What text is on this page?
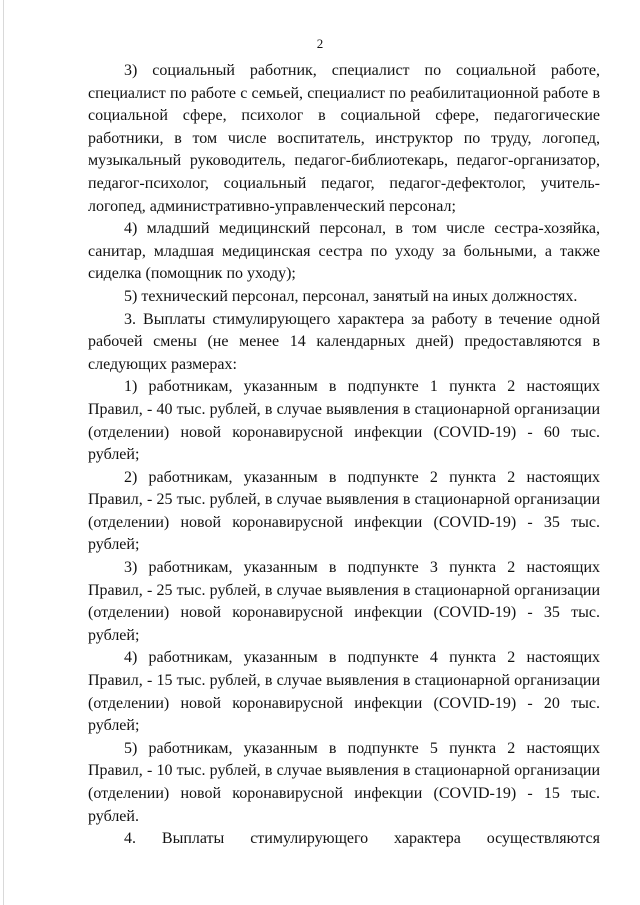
2

3) социальный работник, специалист по социальной работе, специалист по работе с семьей, специалист по реабилитационной работе в социальной сфере, психолог в социальной сфере, педагогические работники, в том числе воспитатель, инструктор по труду, логопед, музыкальный руководитель, педагог-библиотекарь, педагог-организатор, педагог-психолог, социальный педагог, педагог-дефектолог, учитель-логопед, административно-управленческий персонал;

4) младший медицинский персонал, в том числе сестра-хозяйка, санитар, младшая медицинская сестра по уходу за больными, а также сиделка (помощник по уходу);

5) технический персонал, персонал, занятый на иных должностях.

3. Выплаты стимулирующего характера за работу в течение одной рабочей смены (не менее 14 календарных дней) предоставляются в следующих размерах:

1) работникам, указанным в подпункте 1 пункта 2 настоящих Правил, - 40 тыс. рублей, в случае выявления в стационарной организации (отделении) новой коронавирусной инфекции (COVID-19) - 60 тыс. рублей;

2) работникам, указанным в подпункте 2 пункта 2 настоящих Правил, - 25 тыс. рублей, в случае выявления в стационарной организации (отделении) новой коронавирусной инфекции (COVID-19) - 35 тыс. рублей;

3) работникам, указанным в подпункте 3 пункта 2 настоящих Правил, - 25 тыс. рублей, в случае выявления в стационарной организации (отделении) новой коронавирусной инфекции (COVID-19) - 35 тыс. рублей;

4) работникам, указанным в подпункте 4 пункта 2 настоящих Правил, - 15 тыс. рублей, в случае выявления в стационарной организации (отделении) новой коронавирусной инфекции (COVID-19) - 20 тыс. рублей;

5) работникам, указанным в подпункте 5 пункта 2 настоящих Правил, - 10 тыс. рублей, в случае выявления в стационарной организации (отделении) новой коронавирусной инфекции (COVID-19) - 15 тыс. рублей.

4. Выплаты стимулирующего характера осуществляются
